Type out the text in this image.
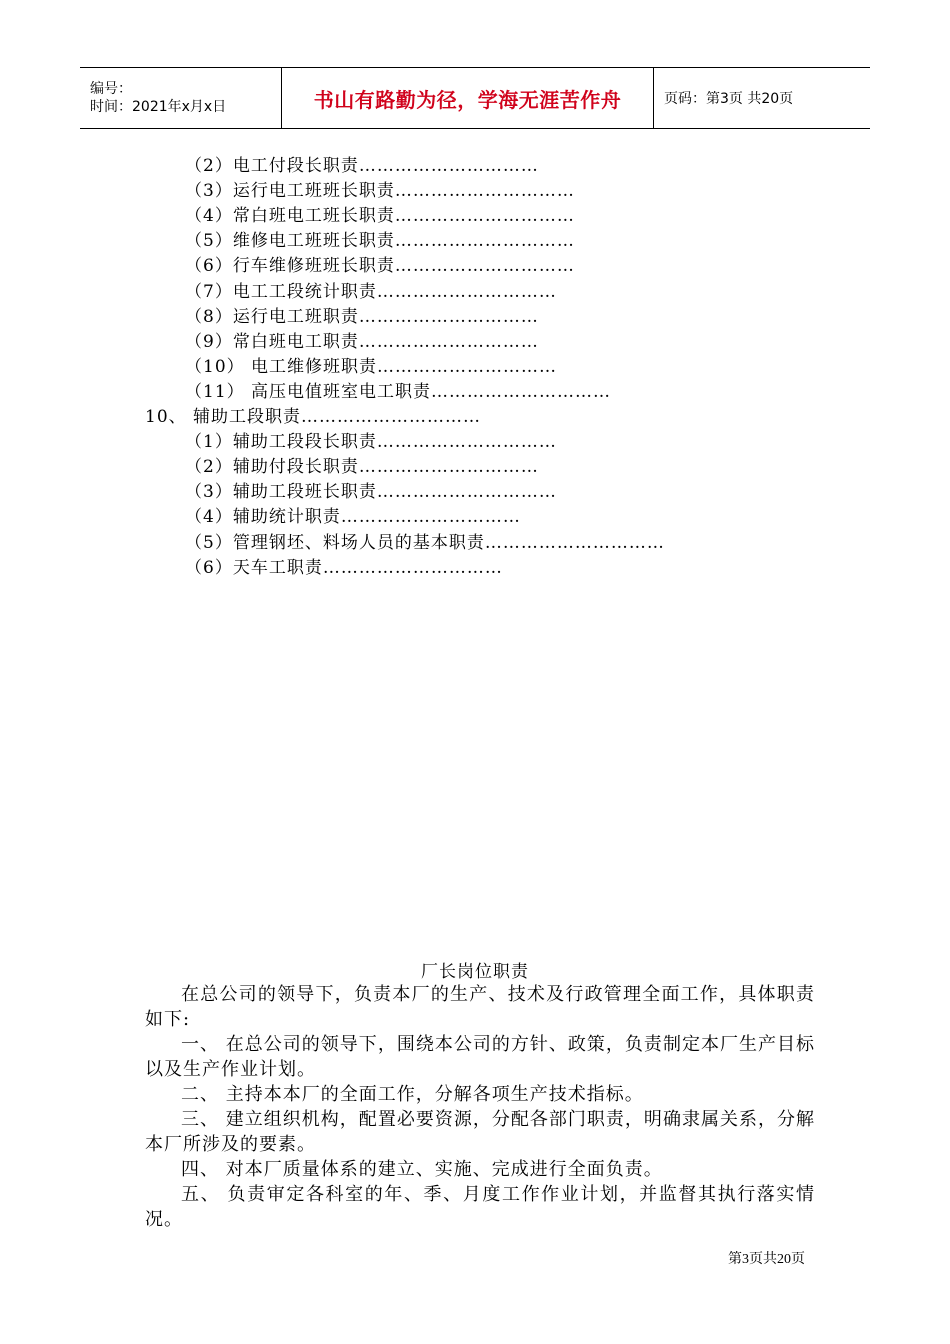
编号：
时间：2021年x月x日	书山有路勤为径，学海无涯苦作舟	页码：第3页 共20页
（2）电工付段长职责…………………………
（3）运行电工班班长职责…………………………
（4）常白班电工班长职责…………………………
（5）维修电工班班长职责…………………………
（6）行车维修班班长职责…………………………
（7）电工工段统计职责…………………………
（8）运行电工班职责…………………………
（9）常白班电工职责…………………………
（10） 电工维修班职责…………………………
（11） 高压电值班室电工职责…………………………
10、 辅助工段职责…………………………
（1）辅助工段段长职责…………………………
（2）辅助付段长职责…………………………
（3）辅助工段班长职责…………………………
（4）辅助统计职责…………………………
（5）管理钢坯、料场人员的基本职责…………………………
（6）天车工职责…………………………
厂长岗位职责

在总公司的领导下，负责本厂的生产、技术及行政管理全面工作，具体职责如下:

一、 在总公司的领导下，围绕本公司的方针、政策，负责制定本厂生产目标以及生产作业计划。

二、 主持本本厂的全面工作，分解各项生产技术指标。

三、 建立组织机构，配置必要资源，分配各部门职责，明确隶属关系，分解本厂所涉及的要素。

四、 对本厂质量体系的建立、实施、完成进行全面负责。

五、 负责审定各科室的年、季、月度工作作业计划，并监督其执行落实情况。

第3页共20页
